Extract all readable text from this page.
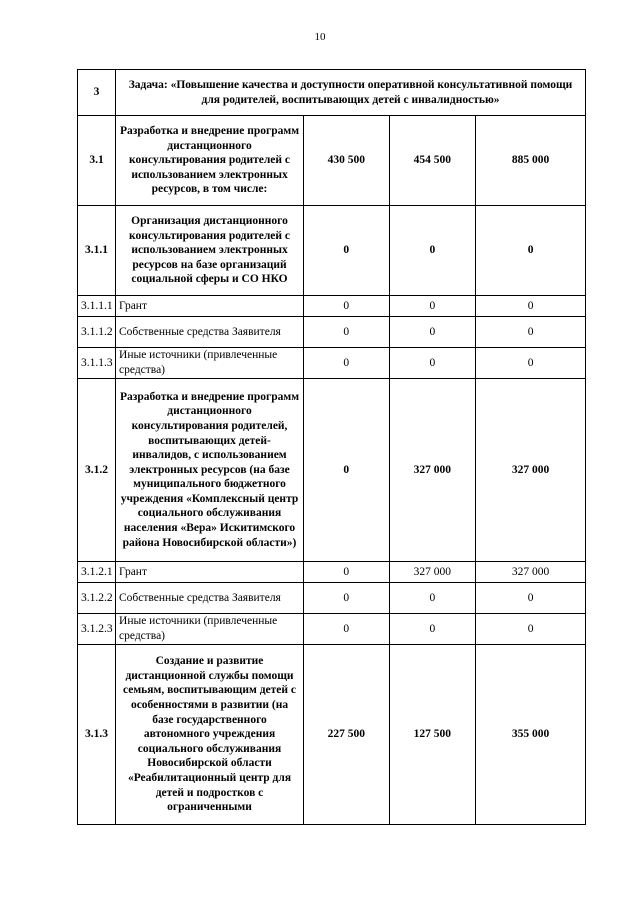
10
3	Задача: «Повышение качества и доступности оперативной консультативной помощи для родителей, воспитывающих детей с инвалидностью»			
3.1	Разработка и внедрение программ дистанционного консультирования родителей с использованием электронных ресурсов, в том числе:	430 500	454 500	885 000
3.1.1	Организация дистанционного консультирования родителей с использованием электронных ресурсов на базе организаций социальной сферы и СО НКО	0	0	0
3.1.1.1	Грант	0	0	0
3.1.1.2	Собственные средства Заявителя	0	0	0
3.1.1.3	Иные источники (привлеченные средства)	0	0	0
3.1.2	Разработка и внедрение программ дистанционного консультирования родителей, воспитывающих детей-инвалидов, с использованием электронных ресурсов (на базе муниципального бюджетного учреждения «Комплексный центр социального обслуживания населения «Вера» Искитимского района Новосибирской области»)	0	327 000	327 000
3.1.2.1	Грант	0	327 000	327 000
3.1.2.2	Собственные средства Заявителя	0	0	0
3.1.2.3	Иные источники (привлеченные средства)	0	0	0
3.1.3	Создание и развитие дистанционной службы помощи семьям, воспитывающим детей с особенностями в развитии (на базе государственного автономного учреждения социального обслуживания Новосибирской области «Реабилитационный центр для детей и подростков с ограниченными	227 500	127 500	355 000
